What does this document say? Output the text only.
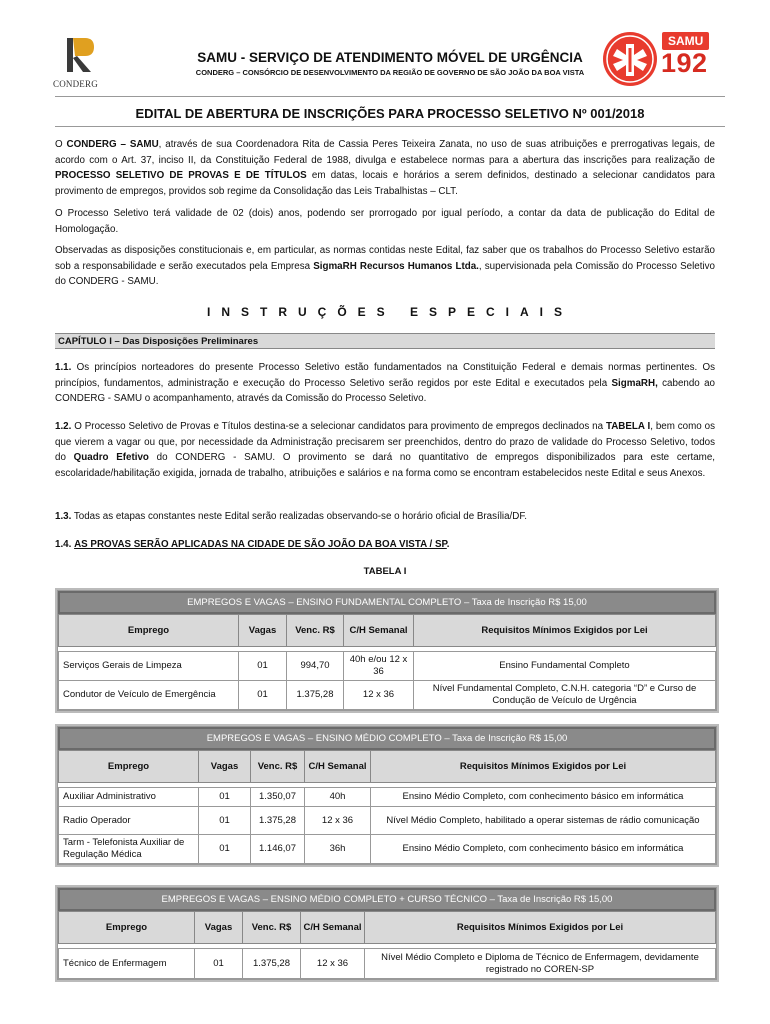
CONDERG
SAMU - SERVIÇO DE ATENDIMENTO MÓVEL DE URGÊNCIA
CONDERG – CONSÓRCIO DE DESENVOLVIMENTO DA REGIÃO DE GOVERNO DE SÃO JOÃO DA BOA VISTA
SAMU
192
EDITAL DE ABERTURA DE INSCRIÇÕES PARA PROCESSO SELETIVO Nº 001/2018
O CONDERG – SAMU, através de sua Coordenadora Rita de Cassia Peres Teixeira Zanata, no uso de suas atribuições e prerrogativas legais, de acordo com o Art. 37, inciso II, da Constituição Federal de 1988, divulga e estabelece normas para a abertura das inscrições para realização de PROCESSO SELETIVO DE PROVAS E DE TÍTULOS em datas, locais e horários a serem definidos, destinado a selecionar candidatos para provimento de empregos, providos sob regime da Consolidação das Leis Trabalhistas – CLT.
O Processo Seletivo terá validade de 02 (dois) anos, podendo ser prorrogado por igual período, a contar da data de publicação do Edital de Homologação.
Observadas as disposições constitucionais e, em particular, as normas contidas neste Edital, faz saber que os trabalhos do Processo Seletivo estarão sob a responsabilidade e serão executados pela Empresa SigmaRH Recursos Humanos Ltda., supervisionada pela Comissão do Processo Seletivo do CONDERG - SAMU.
INSTRUÇÕES ESPECIAIS
CAPÍTULO I – Das Disposições Preliminares
1.1. Os princípios norteadores do presente Processo Seletivo estão fundamentados na Constituição Federal e demais normas pertinentes. Os princípios, fundamentos, administração e execução do Processo Seletivo serão regidos por este Edital e executados pela SigmaRH, cabendo ao CONDERG - SAMU o acompanhamento, através da Comissão do Processo Seletivo.
1.2. O Processo Seletivo de Provas e Títulos destina-se a selecionar candidatos para provimento de empregos declinados na TABELA I, bem como os que vierem a vagar ou que, por necessidade da Administração precisarem ser preenchidos, dentro do prazo de validade do Processo Seletivo, todos do Quadro Efetivo do CONDERG - SAMU. O provimento se dará no quantitativo de empregos disponibilizados para este certame, escolaridade/habilitação exigida, jornada de trabalho, atribuições e salários e na forma como se encontram estabelecidos neste Edital e seus Anexos.
1.3. Todas as etapas constantes neste Edital serão realizadas observando-se o horário oficial de Brasília/DF.
1.4. AS PROVAS SERÃO APLICADAS NA CIDADE DE SÃO JOÃO DA BOA VISTA / SP.
TABELA I
EMPREGOS E VAGAS – ENSINO FUNDAMENTAL COMPLETO – Taxa de Inscrição R$ 15,00
Emprego	Vagas	Venc. R$	C/H Semanal	Requisitos Mínimos Exigidos por Lei

Serviços Gerais de Limpeza	01	994,70	40h e/ou 12 x 36	Ensino Fundamental Completo
Condutor de Veículo de Emergência	01	1.375,28	12 x 36	Nível Fundamental Completo, C.N.H. categoria “D” e Curso de Condução de Veículo de Urgência
EMPREGOS E VAGAS – ENSINO MÉDIO COMPLETO – Taxa de Inscrição R$ 15,00
Emprego	Vagas	Venc. R$	C/H Semanal	Requisitos Mínimos Exigidos por Lei

Auxiliar Administrativo	01	1.350,07	40h	Ensino Médio Completo, com conhecimento básico em informática
Radio Operador	01	1.375,28	12 x 36	Nível Médio Completo, habilitado a operar sistemas de rádio comunicação
Tarm - Telefonista Auxiliar de Regulação Médica	01	1.146,07	36h	Ensino Médio Completo, com conhecimento básico em informática
EMPREGOS E VAGAS – ENSINO MÉDIO COMPLETO + CURSO TÉCNICO – Taxa de Inscrição R$ 15,00
Emprego	Vagas	Venc. R$	C/H Semanal	Requisitos Mínimos Exigidos por Lei

Técnico de Enfermagem	01	1.375,28	12 x 36	Nível Médio Completo e Diploma de Técnico de Enfermagem, devidamente registrado no COREN-SP
